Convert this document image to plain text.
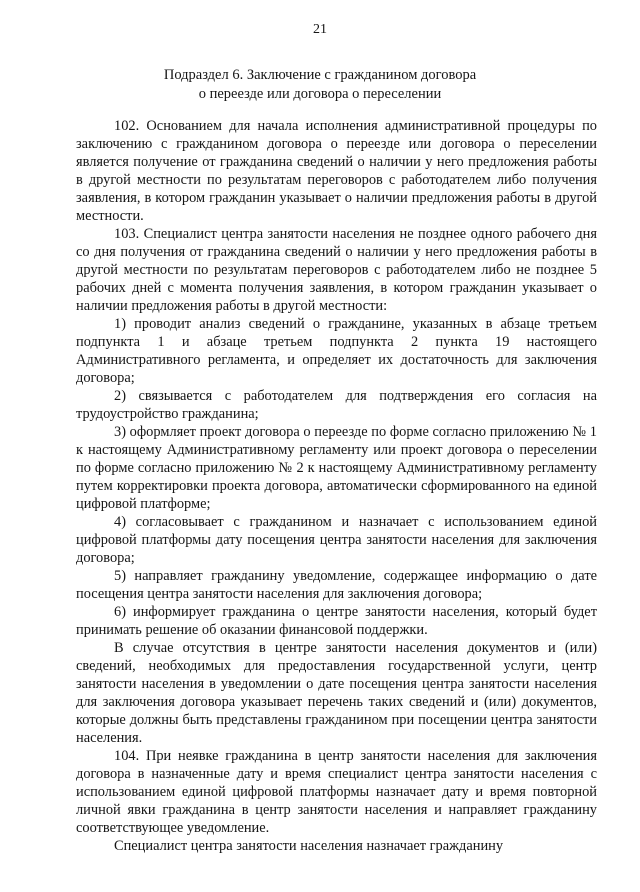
21
Подраздел 6. Заключение с гражданином договора
о переезде или договора о переселении

102. Основанием для начала исполнения административной процедуры по заключению с гражданином договора о переезде или договора о переселении является получение от гражданина сведений о наличии у него предложения работы в другой местности по результатам переговоров с работодателем либо получения заявления, в котором гражданин указывает о наличии предложения работы в другой местности.

103. Специалист центра занятости населения не позднее одного рабочего дня со дня получения от гражданина сведений о наличии у него предложения работы в другой местности по результатам переговоров с работодателем либо не позднее 5 рабочих дней с момента получения заявления, в котором гражданин указывает о наличии предложения работы в другой местности:

1) проводит анализ сведений о гражданине, указанных в абзаце третьем подпункта 1 и абзаце третьем подпункта 2 пункта 19 настоящего Административного регламента, и определяет их достаточность для заключения договора;

2) связывается с работодателем для подтверждения его согласия на трудоустройство гражданина;

3) оформляет проект договора о переезде по форме согласно приложению № 1 к настоящему Административному регламенту или проект договора о переселении по форме согласно приложению № 2 к настоящему Административному регламенту путем корректировки проекта договора, автоматически сформированного на единой цифровой платформе;

4) согласовывает с гражданином и назначает с использованием единой цифровой платформы дату посещения центра занятости населения для заключения договора;

5) направляет гражданину уведомление, содержащее информацию о дате посещения центра занятости населения для заключения договора;

6) информирует гражданина о центре занятости населения, который будет принимать решение об оказании финансовой поддержки.

В случае отсутствия в центре занятости населения документов и (или) сведений, необходимых для предоставления государственной услуги, центр занятости населения в уведомлении о дате посещения центра занятости населения для заключения договора указывает перечень таких сведений и (или) документов, которые должны быть представлены гражданином при посещении центра занятости населения.

104. При неявке гражданина в центр занятости населения для заключения договора в назначенные дату и время специалист центра занятости населения с использованием единой цифровой платформы назначает дату и время повторной личной явки гражданина в центр занятости населения и направляет гражданину соответствующее уведомление.

Специалист центра занятости населения назначает гражданину
